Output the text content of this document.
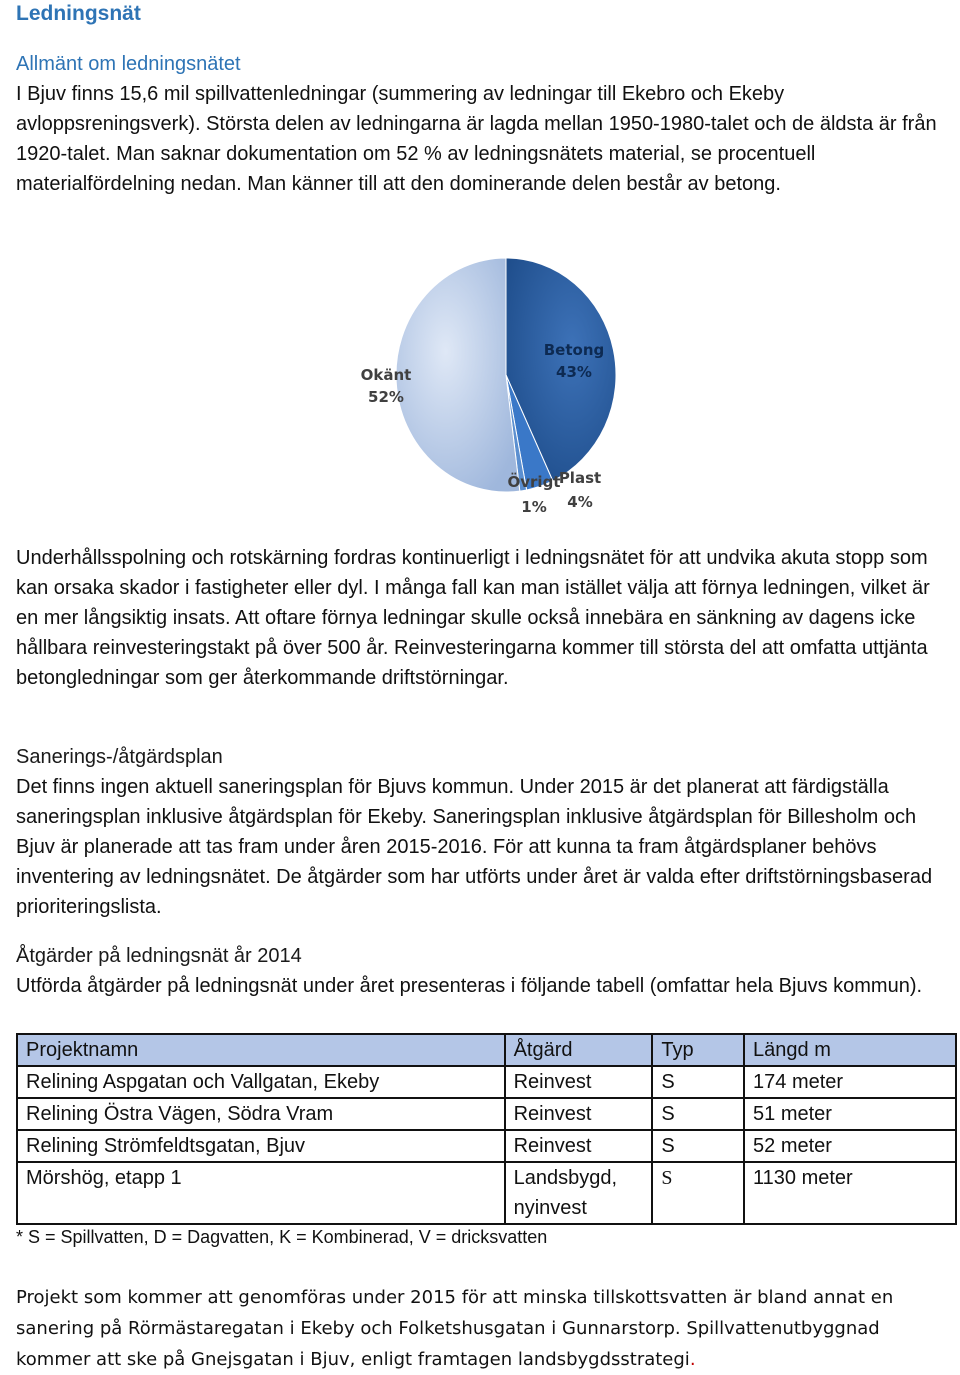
Ledningsnät
Allmänt om ledningsnätet
I Bjuv finns 15,6 mil spillvattenledningar (summering av ledningar till Ekebro och Ekeby avloppsreningsverk). Största delen av ledningarna är lagda mellan 1950-1980-talet och de äldsta är från 1920-talet. Man saknar dokumentation om 52 % av ledningsnätets material, se procentuell materialfördelning nedan. Man känner till att den dominerande delen består av betong.
Betong
43%
Plast
4%
Övrigt
1%
Okänt
52%
Underhållsspolning och rotskärning fordras kontinuerligt i ledningsnätet för att undvika akuta stopp som kan orsaka skador i fastigheter eller dyl. I många fall kan man istället välja att förnya ledningen, vilket är en mer långsiktig insats. Att oftare förnya ledningar skulle också innebära en sänkning av dagens icke hållbara reinvesteringstakt på över 500 år. Reinvesteringarna kommer till största del att omfatta uttjänta betongledningar som ger återkommande driftstörningar.
Sanerings-/åtgärdsplan
Det finns ingen aktuell saneringsplan för Bjuvs kommun. Under 2015 är det planerat att färdigställa saneringsplan inklusive åtgärdsplan för Ekeby. Saneringsplan inklusive åtgärdsplan för Billesholm och Bjuv är planerade att tas fram under åren 2015-2016. För att kunna ta fram åtgärdsplaner behövs inventering av ledningsnätet. De åtgärder som har utförts under året är valda efter driftstörningsbaserad prioriteringslista.
Åtgärder på ledningsnät år 2014
Utförda åtgärder på ledningsnät under året presenteras i följande tabell (omfattar hela Bjuvs kommun).
Projektnamn	Åtgärd	Typ	Längd m
Relining Aspgatan och Vallgatan, Ekeby	Reinvest	S	174 meter
Relining Östra Vägen, Södra Vram	Reinvest	S	51 meter
Relining Strömfeldtsgatan, Bjuv	Reinvest	S	52 meter
Mörshög, etapp 1	Landsbygd, nyinvest	S	1130 meter
* S = Spillvatten, D = Dagvatten, K = Kombinerad, V = dricksvatten
Projekt som kommer att genomföras under 2015 för att minska tillskottsvatten är bland annat en sanering på Rörmästaregatan i Ekeby och Folketshusgatan i Gunnarstorp. Spillvattenutbyggnad kommer att ske på Gnejsgatan i Bjuv, enligt framtagen landsbygdsstrategi.
